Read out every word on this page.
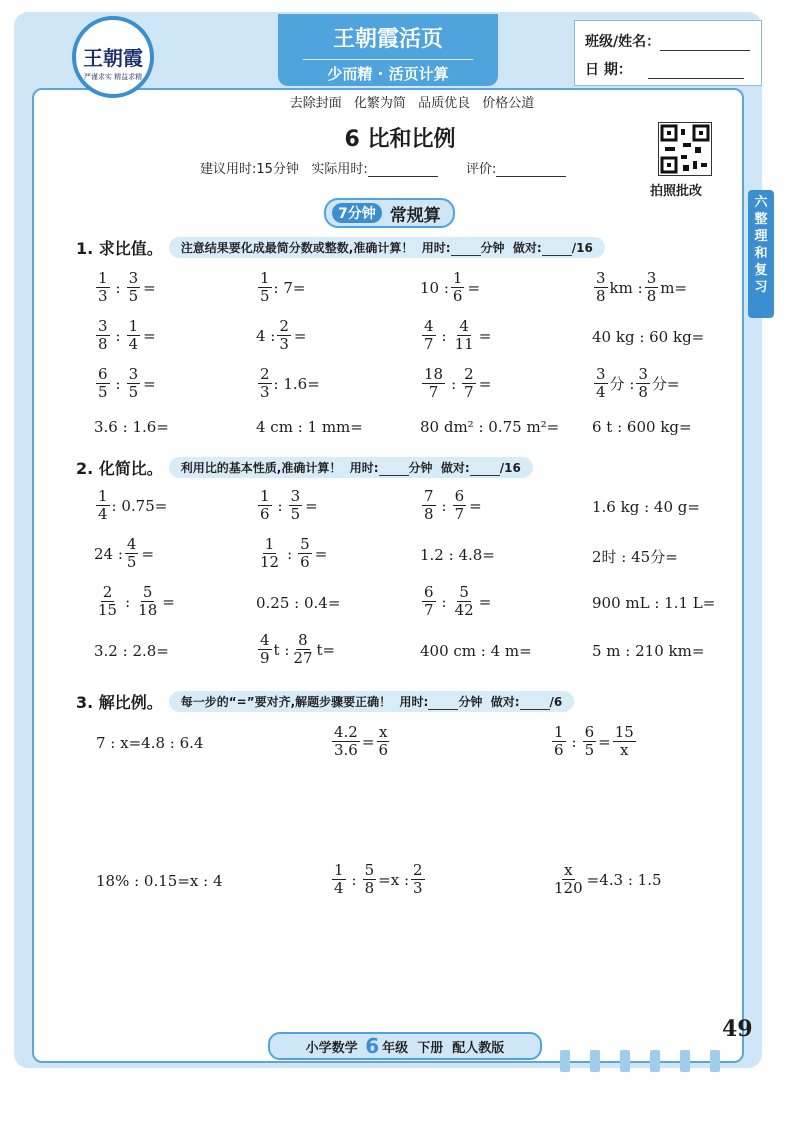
王朝霞
严谨求实 精益求精
王朝霞活页
少而精 · 活页计算
班级/姓名：
日 期：
去除封面 化繁为简 品质优良 价格公道
6 比和比例
建议用时:15分钟 实际用时:	评价:
拍照批改
六 整理和复习
7分钟 常规算
1. 求比值。	注意结果要化成最简分数或整数,准确计算！ 用时:	分钟 做对:	/16
$\frac{1}{3}$ : $\frac{3}{5}$ =	$\frac{1}{5}$ : 7=	10 : $\frac{1}{6}$ =	$\frac{3}{8}$ km : $\frac{3}{8} m=$
$\frac{3}{8}$ : $\frac{1}{4}$ =	4 : $\frac{2}{3}$ =	$\frac{4}{7}$ : $\frac{4}{11}$ =	40 kg : 60 kg=
$\frac{6}{5}$ : $\frac{3}{5}$ =	$\frac{2}{3}$ : 1.6=	$\frac{18}{7}$ : $\frac{2}{7}$ =	$\frac{3}{4}$ 分 : $\frac{3}{8}$ 分=
3.6 : 1.6=	4 cm : 1 mm=	80 dm² : 0.75 m²= 6 t : 600 kg=
2. 化简比。	利用比的基本性质,准确计算！ 用时:	分钟 做对:	/16
$\frac{1}{4}$ : 0.75=	$\frac{1}{6}$ : $\frac{3}{5}$ =	$\frac{7}{8}$ : $\frac{6}{7}$ =	1.6 kg : 40 g=
24 : $\frac{4}{5}$ =	$\frac{1}{12}$ : $\frac{5}{6}$ =	1.2 : 4.8=	2时 : 45分=
$\frac{2}{15}$ : $\frac{5}{18}$ =	0.25 : 0.4=	$\frac{6}{7}$ : $\frac{5}{42}$ =	900 mL : 1.1 L=
3.2 : 2.8=	$\frac{4}{9}$ t : $\frac{8}{27} t=$	400 cm : 4 m=	5 m : 210 km=
3. 解比例。	每一步的“=”要对齐,解题步骤要正确！ 用时:	分钟 做对:	/6
7 : x=4.8 : 6.4	$\frac{4.2}{3.6} = \frac{x}{6}$	$\frac{1}{6}$ : $\frac{6}{5} = \frac{15}{x}$
18% : 0.15=x : 4	$\frac{1}{4}$ : $\frac{5}{8} =x$ : $\frac{2}{3}$	$\frac{x}{120} =4.3$ : 1.5
小学数学
6 年级
下册
配人教版
49
